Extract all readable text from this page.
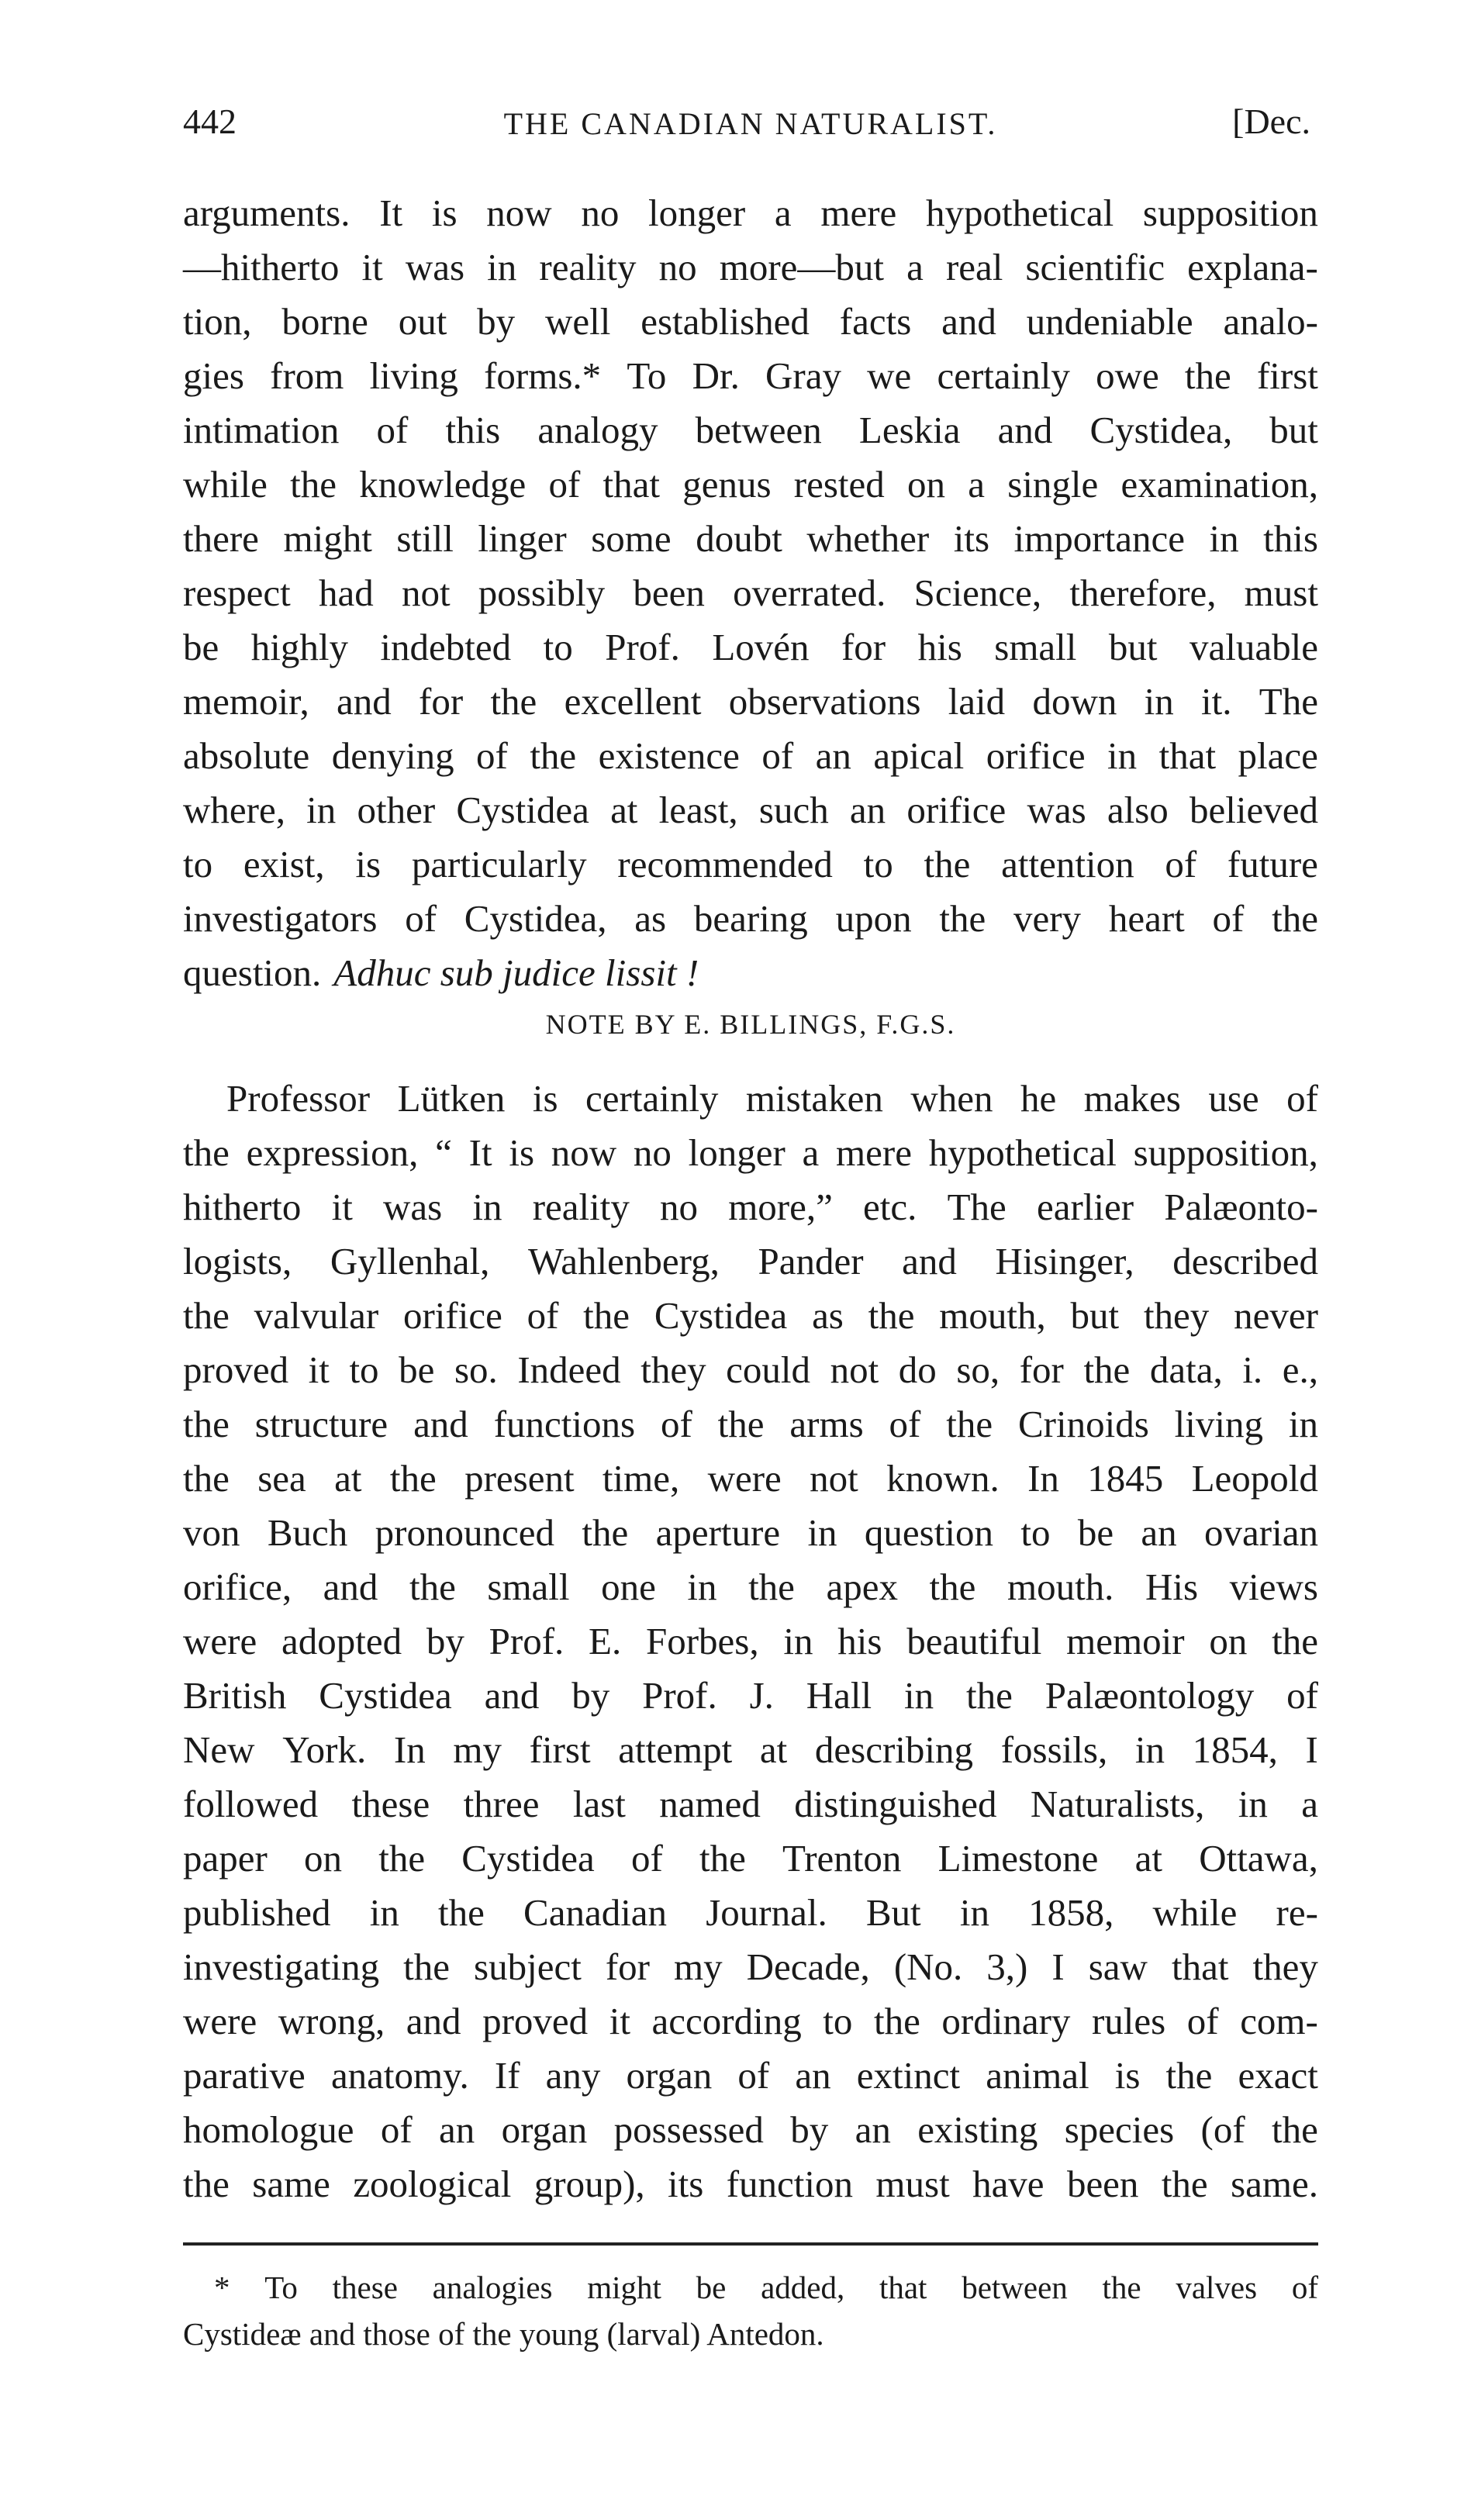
442	THE CANADIAN NATURALIST.	[Dec.
arguments. It is now no longer a mere hypothetical supposition
—hitherto it was in reality no more—but a real scientific explana-
tion, borne out by well established facts and undeniable analo-
gies from living forms.* To Dr. Gray we certainly owe the first
intimation of this analogy between Leskia and Cystidea, but
while the knowledge of that genus rested on a single examination,
there might still linger some doubt whether its importance in this
respect had not possibly been overrated. Science, therefore, must
be highly indebted to Prof. Lovén for his small but valuable
memoir, and for the excellent observations laid down in it. The
absolute denying of the existence of an apical orifice in that place
where, in other Cystidea at least, such an orifice was also believed
to exist, is particularly recommended to the attention of future
investigators of Cystidea, as bearing upon the very heart of the
question. Adhuc sub judice lissit !
NOTE BY E. BILLINGS, F.G.S.
Professor Lütken is certainly mistaken when he makes use of
the expression, “ It is now no longer a mere hypothetical supposition,
hitherto it was in reality no more,” etc. The earlier Palæonto-
logists, Gyllenhal, Wahlenberg, Pander and Hisinger, described
the valvular orifice of the Cystidea as the mouth, but they never
proved it to be so. Indeed they could not do so, for the data, i. e.,
the structure and functions of the arms of the Crinoids living in
the sea at the present time, were not known. In 1845 Leopold
von Buch pronounced the aperture in question to be an ovarian
orifice, and the small one in the apex the mouth. His views
were adopted by Prof. E. Forbes, in his beautiful memoir on the
British Cystidea and by Prof. J. Hall in the Palæontology of
New York. In my first attempt at describing fossils, in 1854, I
followed these three last named distinguished Naturalists, in a
paper on the Cystidea of the Trenton Limestone at Ottawa,
published in the Canadian Journal. But in 1858, while re-
investigating the subject for my Decade, (No. 3,) I saw that they
were wrong, and proved it according to the ordinary rules of com-
parative anatomy. If any organ of an extinct animal is the exact
homologue of an organ possessed by an existing species (of the
the same zoological group), its function must have been the same.
* To these analogies might be added, that between the valves of
Cystideæ and those of the young (larval) Antedon.
